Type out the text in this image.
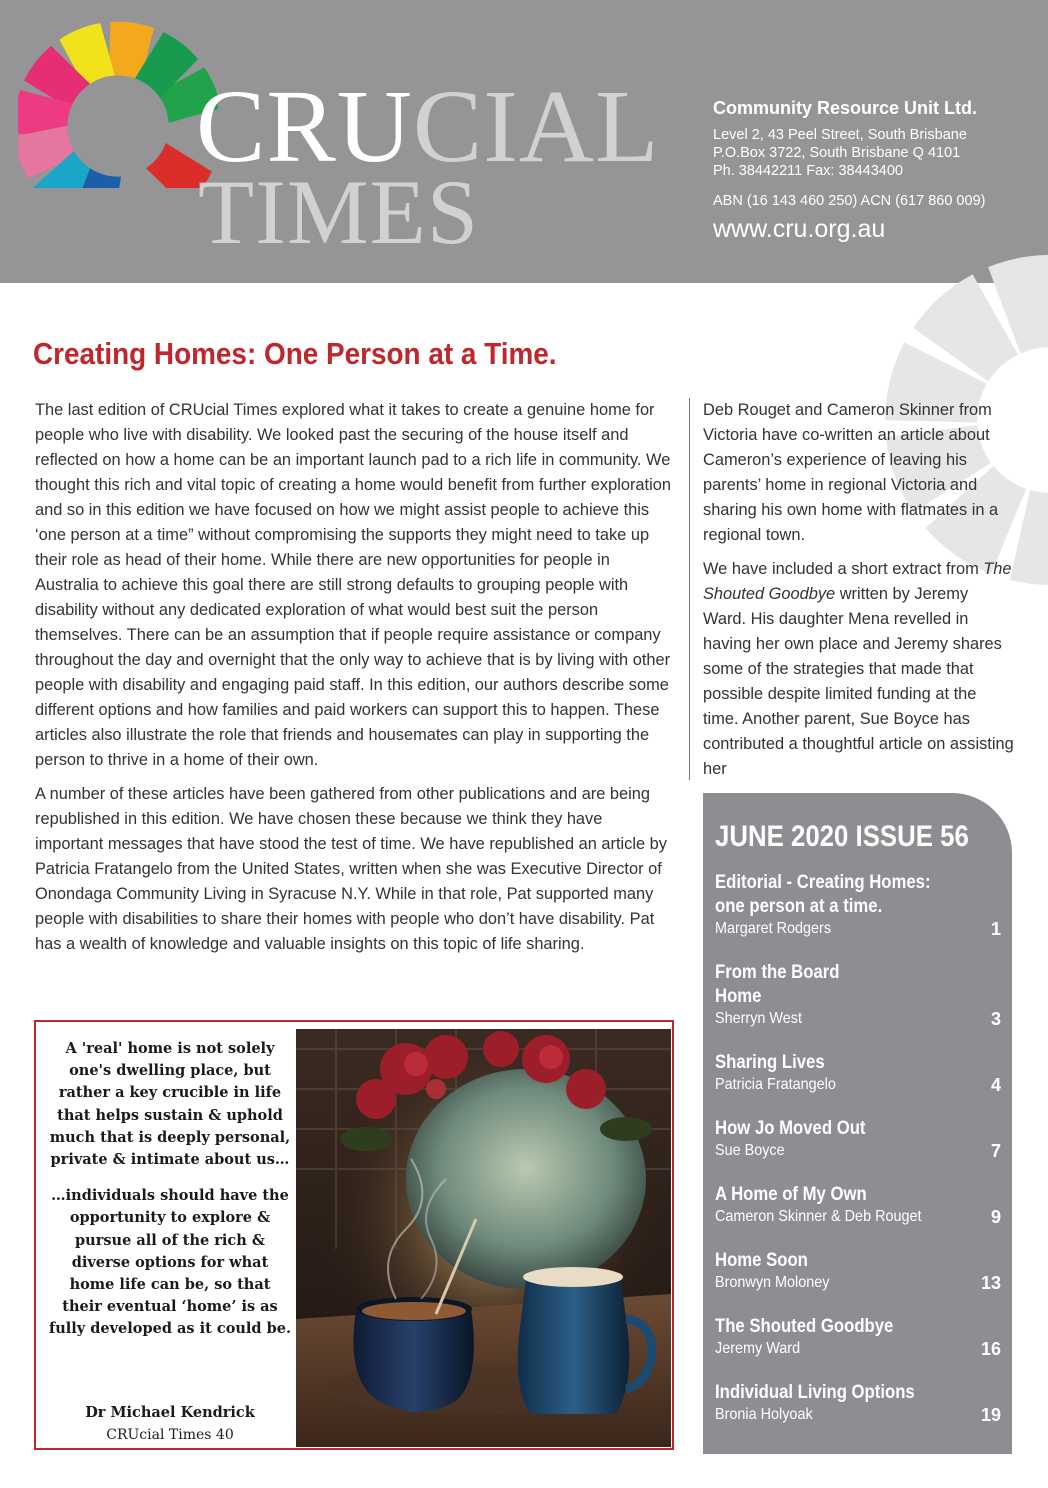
CRUCIAL
TIMES

Community Resource Unit Ltd.

Level 2, 43 Peel Street, South Brisbane

P.O.Box 3722, South Brisbane Q 4101

Ph. 38442211 Fax: 38443400

ABN (16 143 460 250) ACN (617 860 009)

www.cru.org.au

Creating Homes: One Person at a Time.

The last edition of CRUcial Times explored what it takes to create a genuine home for people who live with disability. We looked past the securing of the house itself and reflected on how a home can be an important launch pad to a rich life in community. We thought this rich and vital topic of creating a home would benefit from further exploration and so in this edition we have focused on how we might assist people to achieve this ‘one person at a time” without compromising the supports they might need to take up their role as head of their home. While there are new opportunities for people in Australia to achieve this goal there are still strong defaults to grouping people with disability without any dedicated exploration of what would best suit the person themselves. There can be an assumption that if people require assistance or company throughout the day and overnight that the only way to achieve that is by living with other people with disability and engaging paid staff. In this edition, our authors describe some different options and how families and paid workers can support this to happen. These articles also illustrate the role that friends and housemates can play in supporting the person to thrive in a home of their own.

A number of these articles have been gathered from other publications and are being republished in this edition. We have chosen these because we think they have important messages that have stood the test of time. We have republished an article by Patricia Fratangelo from the United States, written when she was Executive Director of Onondaga Community Living in Syracuse N.Y. While in that role, Pat supported many people with disabilities to share their homes with people who don’t have disability. Pat has a wealth of knowledge and valuable insights on this topic of life sharing.

Deb Rouget and Cameron Skinner from Victoria have co-written an article about Cameron’s experience of leaving his parents’ home in regional Victoria and sharing his own home with flatmates in a regional town.

We have included a short extract from The Shouted Goodbye written by Jeremy Ward. His daughter Mena revelled in having her own place and Jeremy shares some of the strategies that made that possible despite limited funding at the time. Another parent, Sue Boyce has contributed a thoughtful article on assisting her

A 'real' home is not solely one's dwelling place, but rather a key crucible in life that helps sustain & uphold much that is deeply personal, private & intimate about us…

…individuals should have the opportunity to explore & pursue all of the rich & diverse options for what home life can be, so that their eventual ‘home’ is as fully developed as it could be.

Dr Michael Kendrick
CRUcial Times 40
JUNE 2020 ISSUE 56
Editorial - Creating Homes:
one person at a time.
Margaret Rodgers	1
From the Board
Home
Sherryn West	3
Sharing Lives
Patricia Fratangelo	4
How Jo Moved Out
Sue Boyce	7
A Home of My Own
Cameron Skinner & Deb Rouget	9
Home Soon
Bronwyn Moloney	13
The Shouted Goodbye
Jeremy Ward	16
Individual Living Options
Bronia Holyoak	19
